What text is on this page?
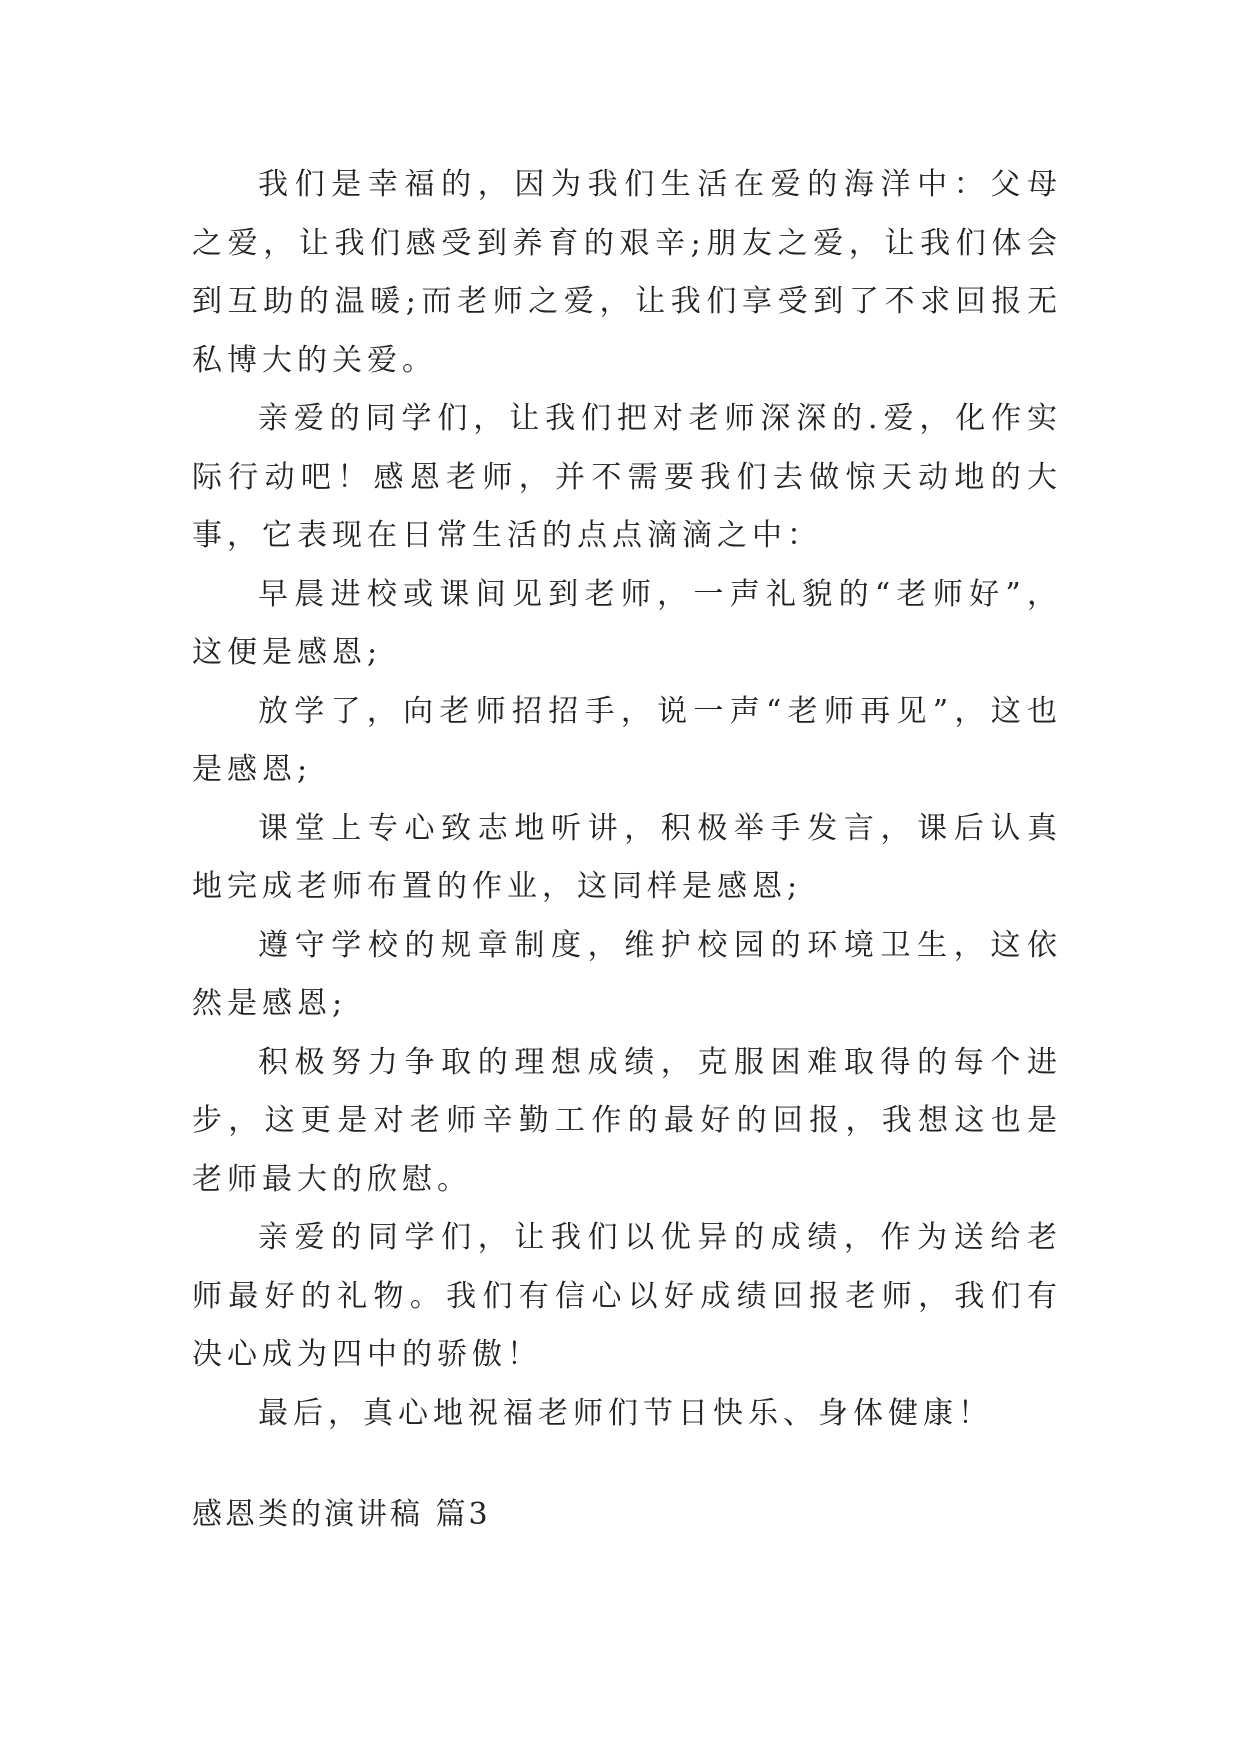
我们是幸福的，因为我们生活在爱的海洋中：父母之爱，让我们感受到养育的艰辛;朋友之爱，让我们体会到互助的温暖;而老师之爱，让我们享受到了不求回报无私博大的关爱。

亲爱的同学们，让我们把对老师深深的.爱，化作实际行动吧！感恩老师，并不需要我们去做惊天动地的大事，它表现在日常生活的点点滴滴之中：

早晨进校或课间见到老师，一声礼貌的“老师好”，这便是感恩;

放学了，向老师招招手，说一声“老师再见”，这也是感恩;

课堂上专心致志地听讲，积极举手发言，课后认真地完成老师布置的作业，这同样是感恩;

遵守学校的规章制度，维护校园的环境卫生，这依然是感恩;

积极努力争取的理想成绩，克服困难取得的每个进步，这更是对老师辛勤工作的最好的回报，我想这也是老师最大的欣慰。

亲爱的同学们，让我们以优异的成绩，作为送给老师最好的礼物。我们有信心以好成绩回报老师，我们有决心成为四中的骄傲！

最后，真心地祝福老师们节日快乐、身体健康！

感恩类的演讲稿 篇3
